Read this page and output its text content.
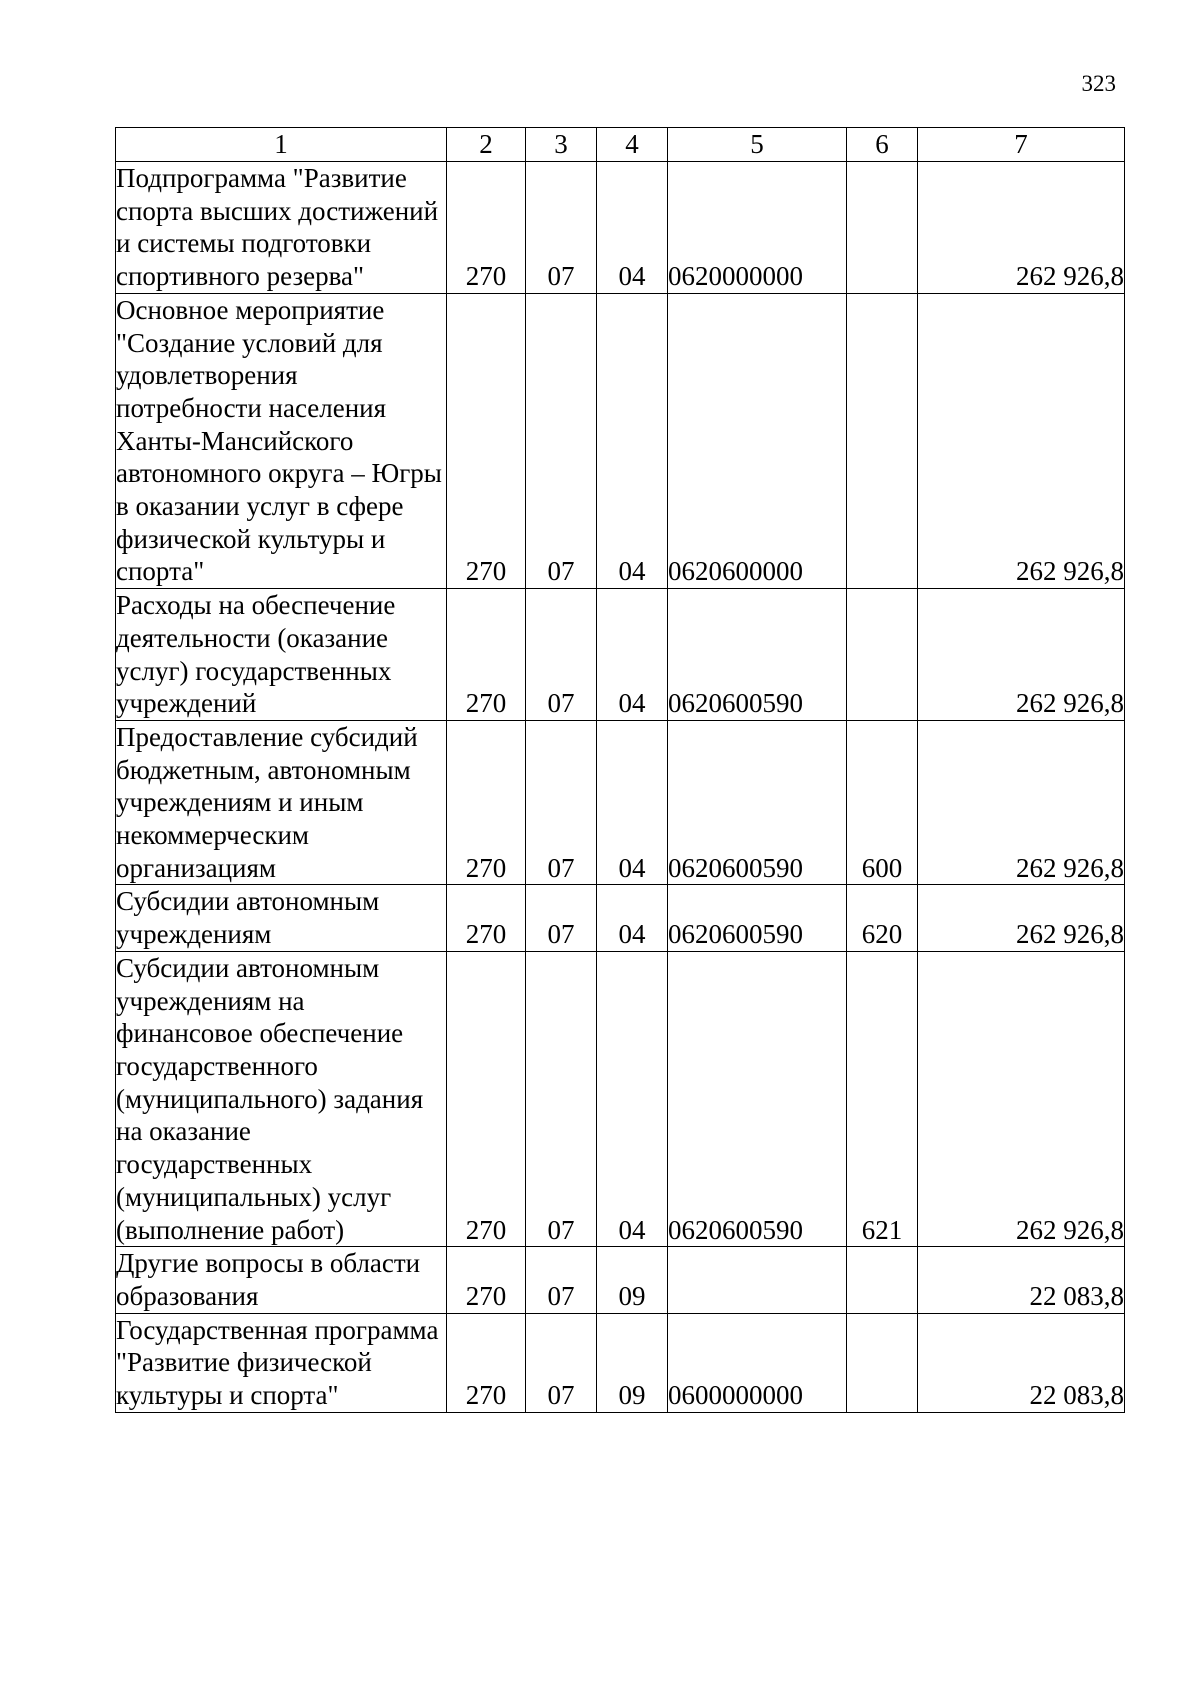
323
1	2	3	4	5	6	7
Подпрограмма "Развитие спорта высших достижений и системы подготовки спортивного резерва"	270	07	04	0620000000		262 926,8
Основное мероприятие "Создание условий для удовлетворения потребности населения Ханты-Мансийского автономного округа – Югры в оказании услуг в сфере физической культуры и спорта"	270	07	04	0620600000		262 926,8
Расходы на обеспечение деятельности (оказание услуг) государственных учреждений	270	07	04	0620600590		262 926,8
Предоставление субсидий бюджетным, автономным учреждениям и иным некоммерческим организациям	270	07	04	0620600590	600	262 926,8
Субсидии автономным учреждениям	270	07	04	0620600590	620	262 926,8
Субсидии автономным учреждениям на финансовое обеспечение государственного (муниципального) задания на оказание государственных (муниципальных) услуг (выполнение работ)	270	07	04	0620600590	621	262 926,8
Другие вопросы в области образования	270	07	09			22 083,8
Государственная программа "Развитие физической культуры и спорта"	270	07	09	0600000000		22 083,8
